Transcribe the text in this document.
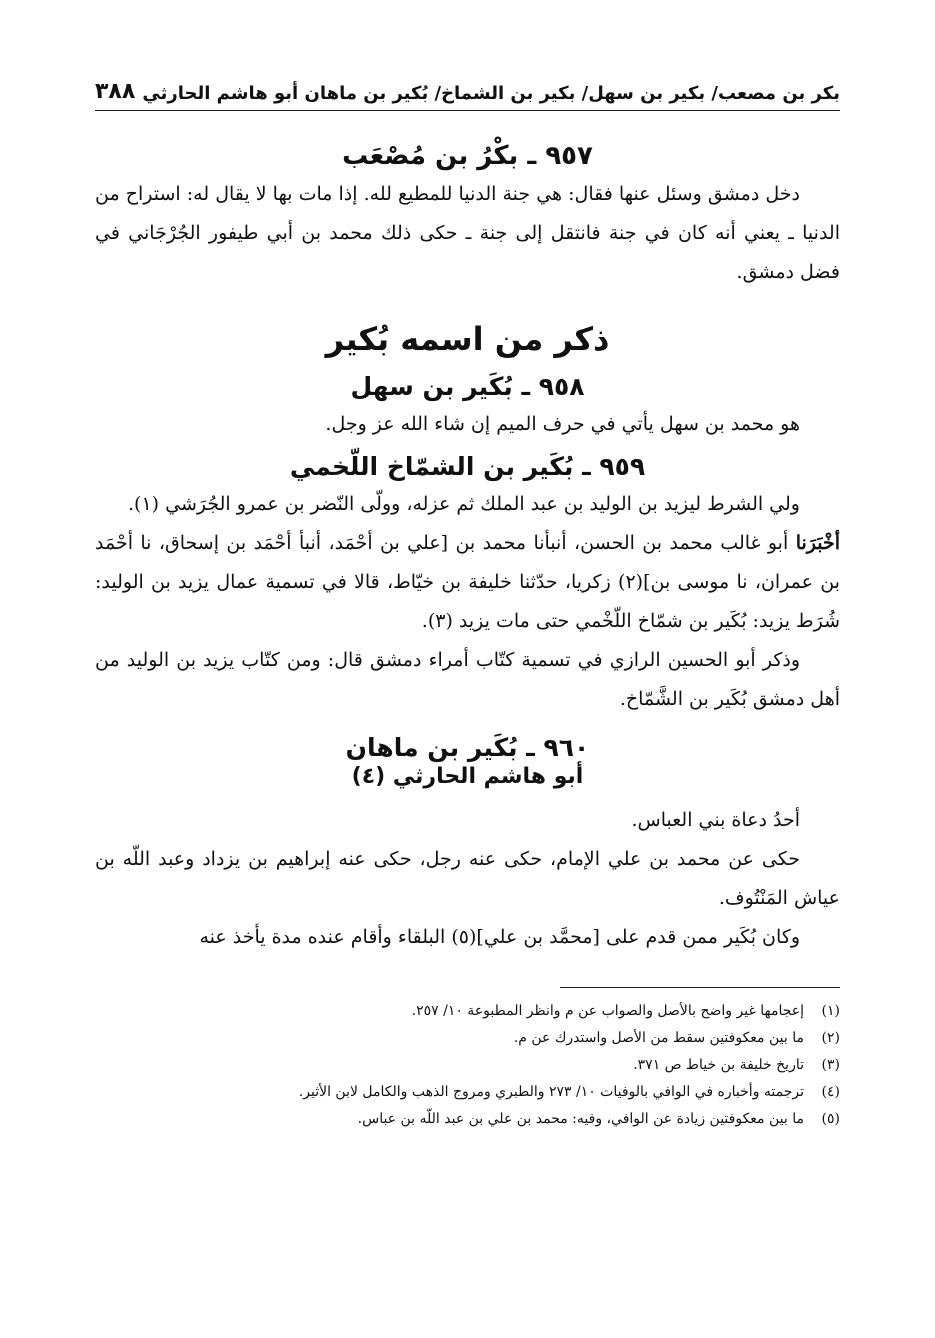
بكر بن مصعب/ بكير بن سهل/ بكير بن الشماخ/ بُكير بن ماهان أبو هاشم الحارثي
٣٨٨
٩٥٧ ـ بكْرُ بن مُصْعَب

دخل دمشق وسئل عنها فقال: هي جنة الدنيا للمطيع لله. إذا مات بها لا يقال له: استراح من الدنيا ـ يعني أنه كان في جنة فانتقل إلى جنة ـ حكى ذلك محمد بن أبي طيفور الجُرْجَاني في فضل دمشق.

ذكر من اسمه بُكير
٩٥٨ ـ بُكَير بن سهل

هو محمد بن سهل يأتي في حرف الميم إن شاء الله عز وجل.

٩٥٩ ـ بُكَير بن الشمّاخ اللّخمي

ولي الشرط ليزيد بن الوليد بن عبد الملك ثم عزله، وولّى النّضر بن عمرو الجُرَشي (١).

أخْبَرَنا أبو غالب محمد بن الحسن، أنبأنا محمد بن [علي بن أحْمَد، أنبأ أحْمَد بن إسحاق، نا أحْمَد بن عمران، نا موسى بن](٢) زكريا، حدّثنا خليفة بن خيّاط، قالا في تسمية عمال يزيد بن الوليد: شُرَط يزيد: بُكَير بن شمّاخ اللّخْمي حتى مات يزيد (٣).

وذكر أبو الحسين الرازي في تسمية كتّاب أمراء دمشق قال: ومن كتّاب يزيد بن الوليد من أهل دمشق بُكَير بن الشَّمّاخ.

٩٦٠ ـ بُكَير بن ماهان
أبو هاشم الحارثي (٤)

أحدُ دعاة بني العباس.

حكى عن محمد بن علي الإمام، حكى عنه رجل، حكى عنه إبراهيم بن يزداد وعبد اللّه بن عياش المَنْتُوف.

وكان بُكَير ممن قدم على [محمَّد بن علي](٥) البلقاء وأقام عنده مدة يأخذ عنه

(١)
إعجامها غير واضح بالأصل والصواب عن م وانظر المطبوعة ١٠/ ٢٥٧.
(٢)
ما بين معكوفتين سقط من الأصل واستدرك عن م.
(٣)
تاريخ خليفة بن خياط ص ٣٧١.
(٤)
ترجمته وأخباره في الوافي بالوفيات ١٠/ ٢٧٣ والطبري ومروج الذهب والكامل لابن الأثير.
(٥)
ما بين معكوفتين زيادة عن الوافي، وفيه: محمد بن علي بن عبد اللّه بن عباس.
